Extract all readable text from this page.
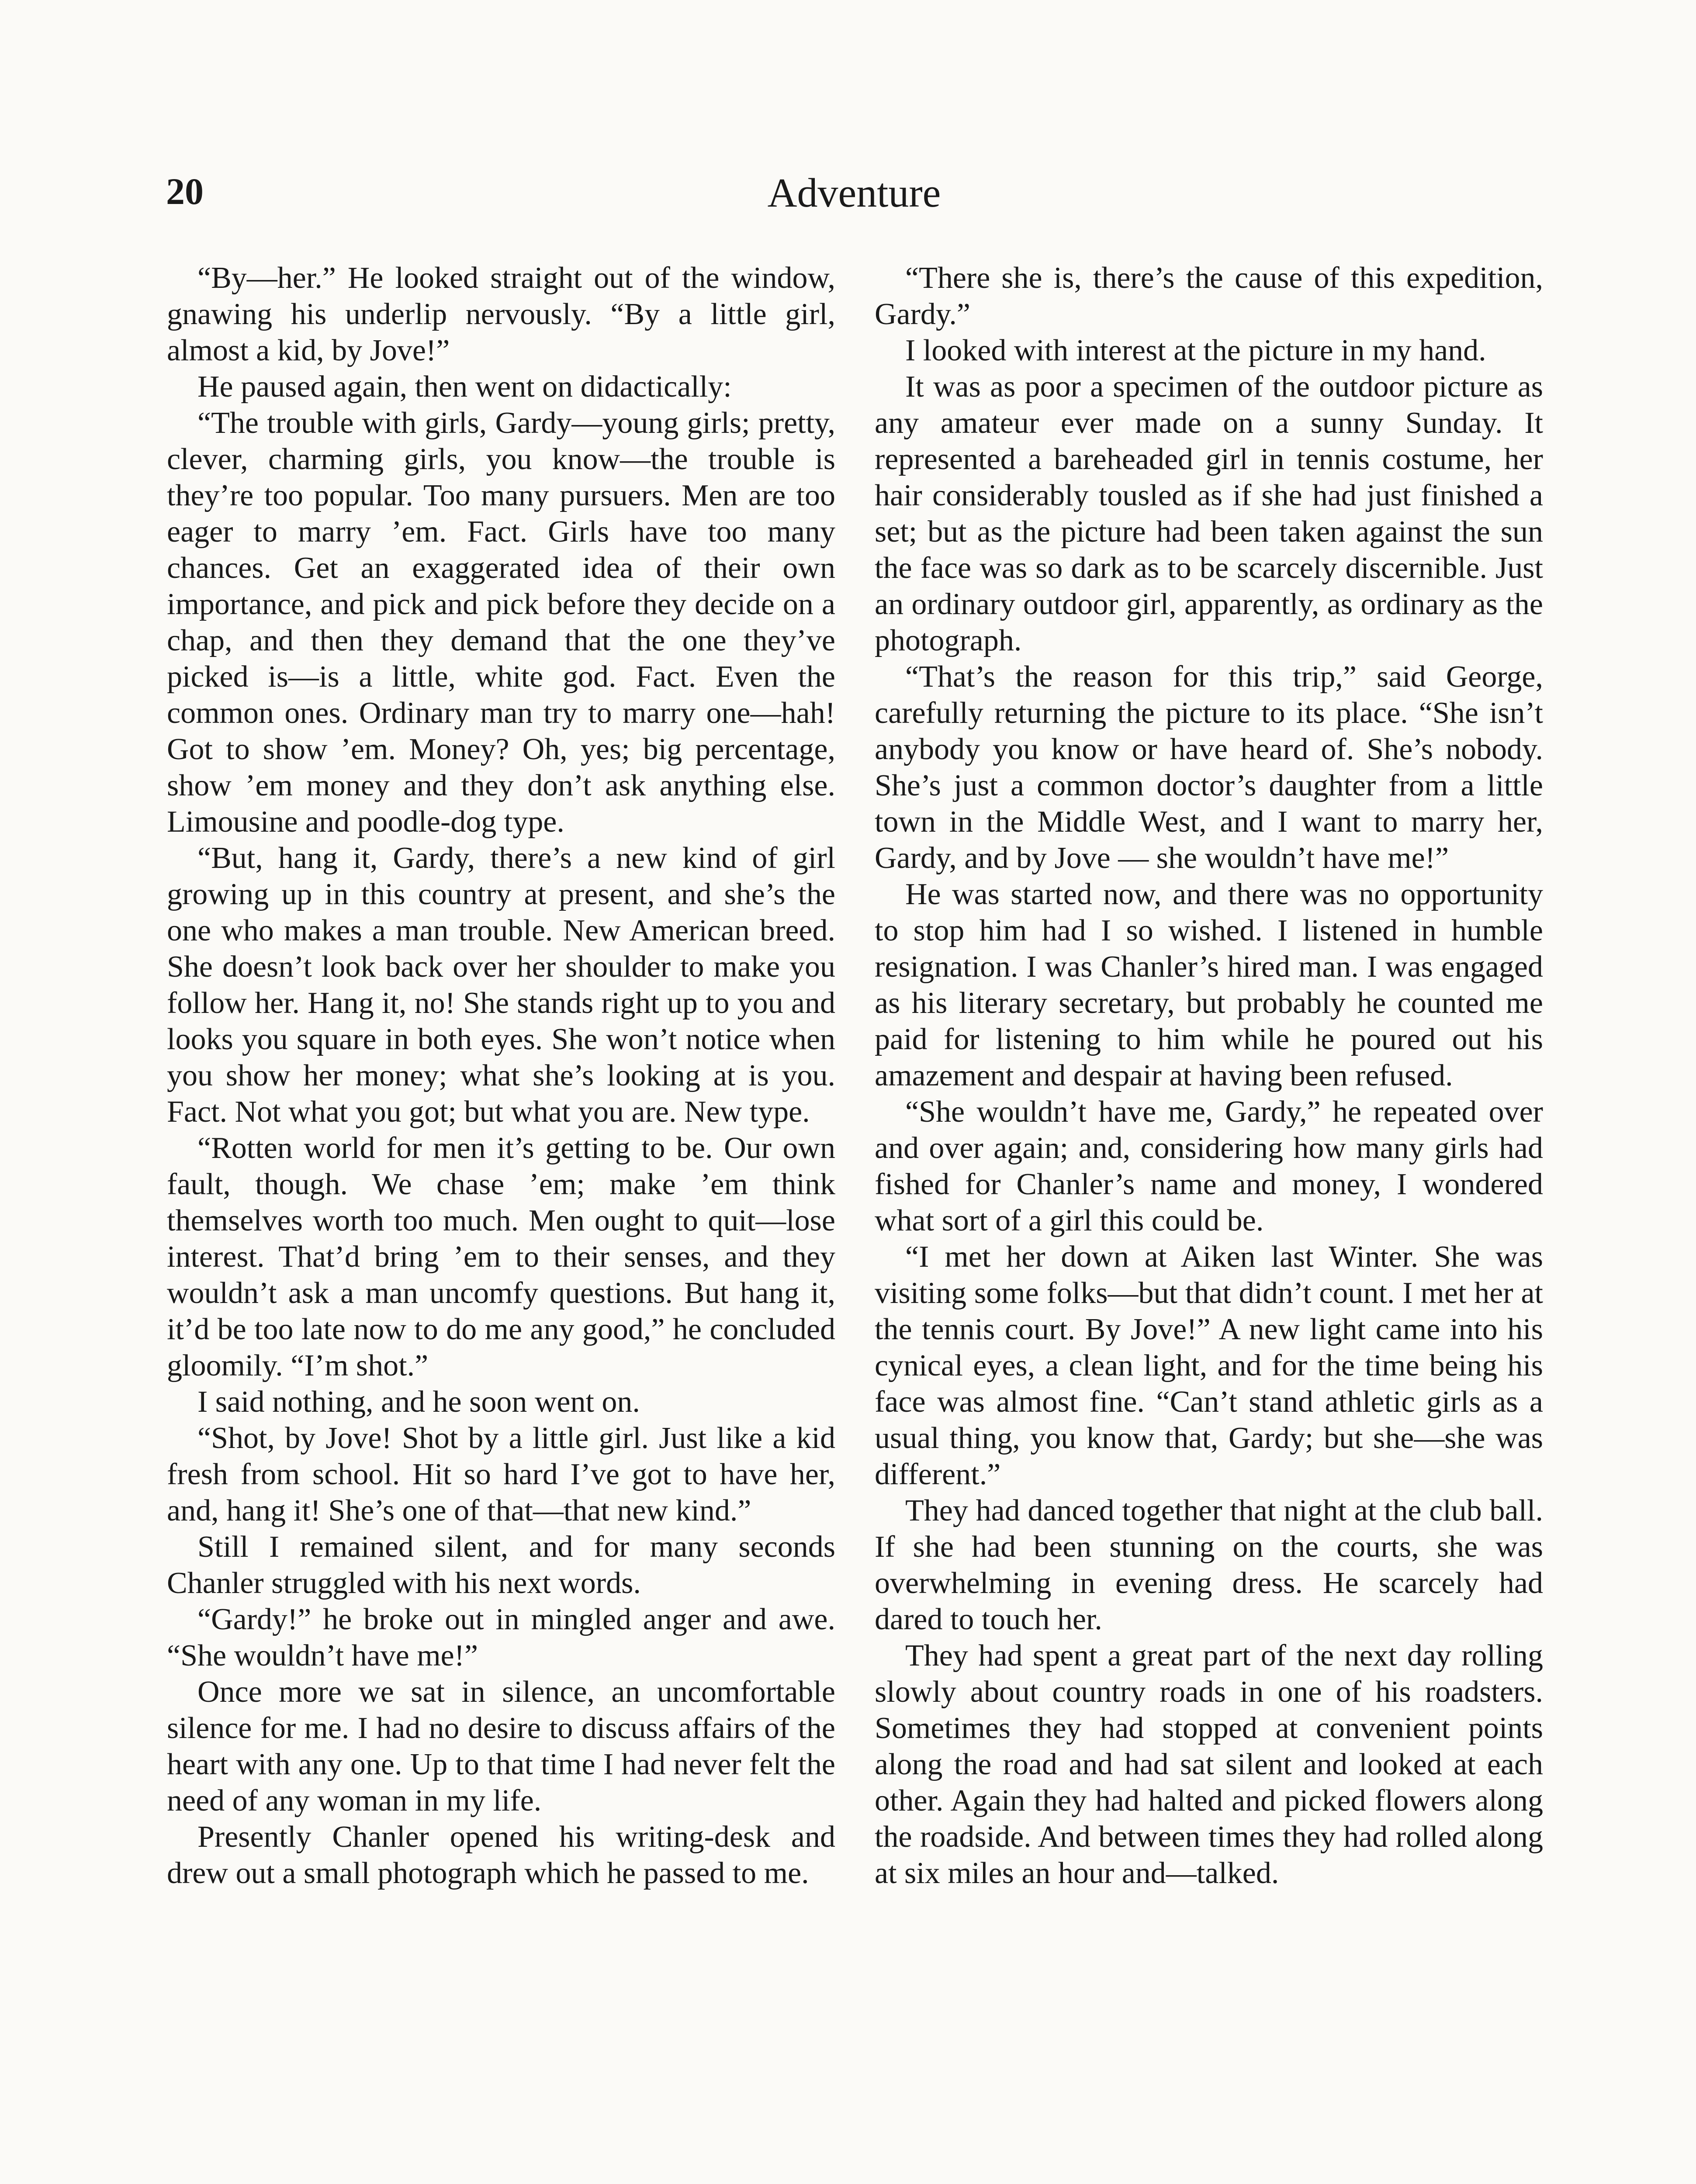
20	Adventure

“By—her.” He looked straight out of the window, gnawing his underlip nervously. “By a little girl, almost a kid, by Jove!”

He paused again, then went on didactically:

“The trouble with girls, Gardy—young girls; pretty, clever, charming girls, you know—the trouble is they’re too popular. Too many pursuers. Men are too eager to marry ’em. Fact. Girls have too many chances. Get an exaggerated idea of their own importance, and pick and pick before they decide on a chap, and then they demand that the one they’ve picked is—is a little, white god. Fact. Even the common ones. Ordinary man try to marry one—hah! Got to show ’em. Money? Oh, yes; big percentage, show ’em money and they don’t ask anything else. Limousine and poodle-dog type.

“But, hang it, Gardy, there’s a new kind of girl growing up in this country at present, and she’s the one who makes a man trouble. New American breed. She doesn’t look back over her shoulder to make you follow her. Hang it, no! She stands right up to you and looks you square in both eyes. She won’t notice when you show her money; what she’s looking at is you. Fact. Not what you got; but what you are. New type.

“Rotten world for men it’s getting to be. Our own fault, though. We chase ’em; make ’em think themselves worth too much. Men ought to quit—lose interest. That’d bring ’em to their senses, and they wouldn’t ask a man uncomfy questions. But hang it, it’d be too late now to do me any good,” he concluded gloomily. “I’m shot.”

I said nothing, and he soon went on.

“Shot, by Jove! Shot by a little girl. Just like a kid fresh from school. Hit so hard I’ve got to have her, and, hang it! She’s one of that—that new kind.”

Still I remained silent, and for many seconds Chanler struggled with his next words.

“Gardy!” he broke out in mingled anger and awe. “She wouldn’t have me!”

Once more we sat in silence, an uncomfortable silence for me. I had no desire to discuss affairs of the heart with any one. Up to that time I had never felt the need of any woman in my life.

Presently Chanler opened his writing-desk and drew out a small photograph which he passed to me.

“There she is, there’s the cause of this expedition, Gardy.”

I looked with interest at the picture in my hand.

It was as poor a specimen of the outdoor picture as any amateur ever made on a sunny Sunday. It represented a bareheaded girl in tennis costume, her hair considerably tousled as if she had just finished a set; but as the picture had been taken against the sun the face was so dark as to be scarcely discernible. Just an ordinary outdoor girl, apparently, as ordinary as the photograph.

“That’s the reason for this trip,” said George, carefully returning the picture to its place. “She isn’t anybody you know or have heard of. She’s nobody. She’s just a common doctor’s daughter from a little town in the Middle West, and I want to marry her, Gardy, and by Jove — she wouldn’t have me!”

He was started now, and there was no opportunity to stop him had I so wished. I listened in humble resignation. I was Chanler’s hired man. I was engaged as his literary secretary, but probably he counted me paid for listening to him while he poured out his amazement and despair at having been refused.

“She wouldn’t have me, Gardy,” he repeated over and over again; and, considering how many girls had fished for Chanler’s name and money, I wondered what sort of a girl this could be.

“I met her down at Aiken last Winter. She was visiting some folks—but that didn’t count. I met her at the tennis court. By Jove!” A new light came into his cynical eyes, a clean light, and for the time being his face was almost fine. “Can’t stand athletic girls as a usual thing, you know that, Gardy; but she—she was different.”

They had danced together that night at the club ball. If she had been stunning on the courts, she was overwhelming in evening dress. He scarcely had dared to touch her.

They had spent a great part of the next day rolling slowly about country roads in one of his roadsters. Sometimes they had stopped at convenient points along the road and had sat silent and looked at each other. Again they had halted and picked flowers along the roadside. And between times they had rolled along at six miles an hour and—talked.
